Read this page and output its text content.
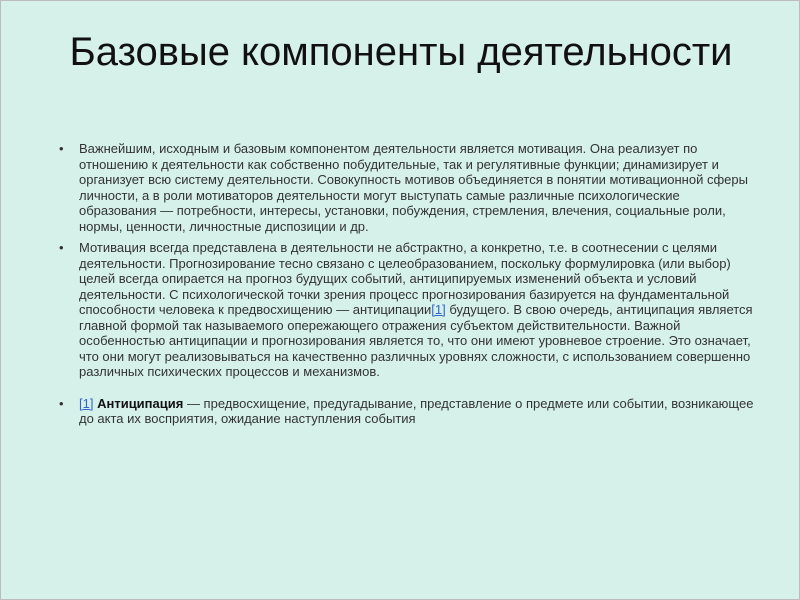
Базовые компоненты деятельности
•	Важнейшим, исходным и базовым компонентом деятельности является мотивация. Она реализует по отношению к деятельности как собственно побудительные, так и регулятивные функции; динамизирует и организует всю систему деятельности. Совокупность мотивов объединяется в понятии мотивационной сферы личности, а в роли мотиваторов деятельности могут выступать самые различные психологические образования — потребности, интересы, установки, побуждения, стремления, влечения, социальные роли, нормы, ценности, личностные диспозиции и др.
•	Мотивация всегда представлена в деятельности не абстрактно, а конкретно, т.е. в соотнесении с целями деятельности. Прогнозирование тесно связано с целеобразованием, поскольку формулировка (или выбор) целей всегда опирается на прогноз будущих событий, антиципируемых изменений объекта и условий деятельности. С психологической точки зрения процесс прогнозирования базируется на фундаментальной способности человека к предвосхищению — антиципации[1] будущего. В свою очередь, антиципация является главной формой так называемого опережающего отражения субъектом действительности. Важной особенностью антиципации и прогнозирования является то, что они имеют уровневое строение. Это означает, что они могут реализовываться на качественно различных уровнях сложности, с использованием совершенно различных психических процессов и механизмов.
•	[1] Антиципация — предвосхищение, предугадывание, представление о предмете или событии, возникающее до акта их восприятия, ожидание наступления события
